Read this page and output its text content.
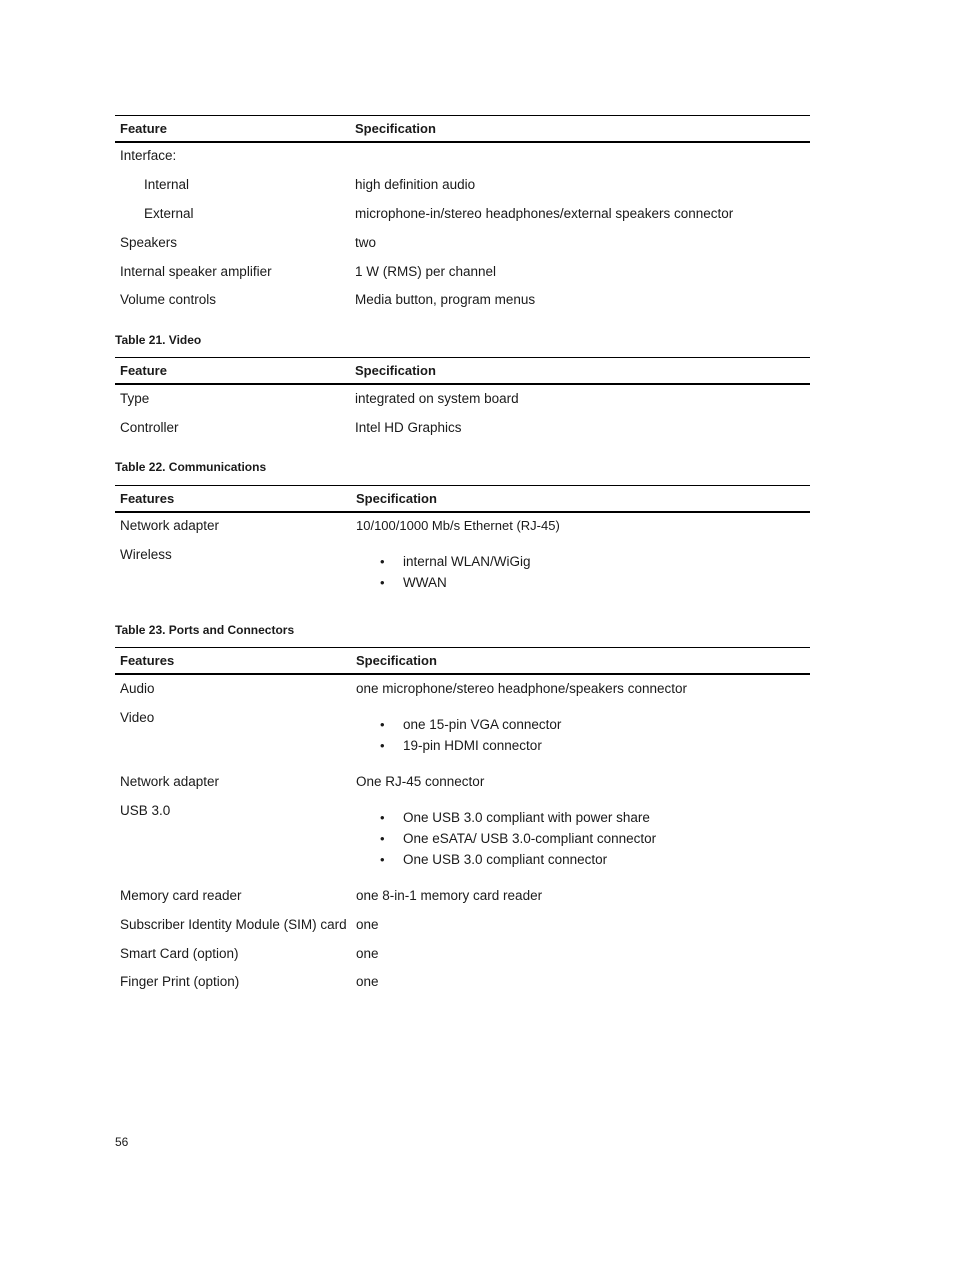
Feature	Specification
Interface:
Internal	high definition audio
External	microphone-in/stereo headphones/external speakers connector
Speakers	two
Internal speaker amplifier	1 W (RMS) per channel
Volume controls	Media button, program menus
Table 21. Video
Feature	Specification
Type	integrated on system board
Controller	Intel HD Graphics
Table 22. Communications
Features	Specification
Network adapter	10/100/1000 Mb/s Ethernet (RJ-45)
Wireless	• internal WLAN/WiGig
• WWAN
Table 23. Ports and Connectors
Features	Specification
Audio	one microphone/stereo headphone/speakers connector
Video	• one 15-pin VGA connector
• 19-pin HDMI connector
Network adapter	One RJ-45 connector
USB 3.0	• One USB 3.0 compliant with power share
• One eSATA/ USB 3.0-compliant connector
• One USB 3.0 compliant connector
Memory card reader	one 8-in-1 memory card reader
Subscriber Identity Module (SIM) card one
Smart Card (option)	one
Finger Print (option)	one
56
